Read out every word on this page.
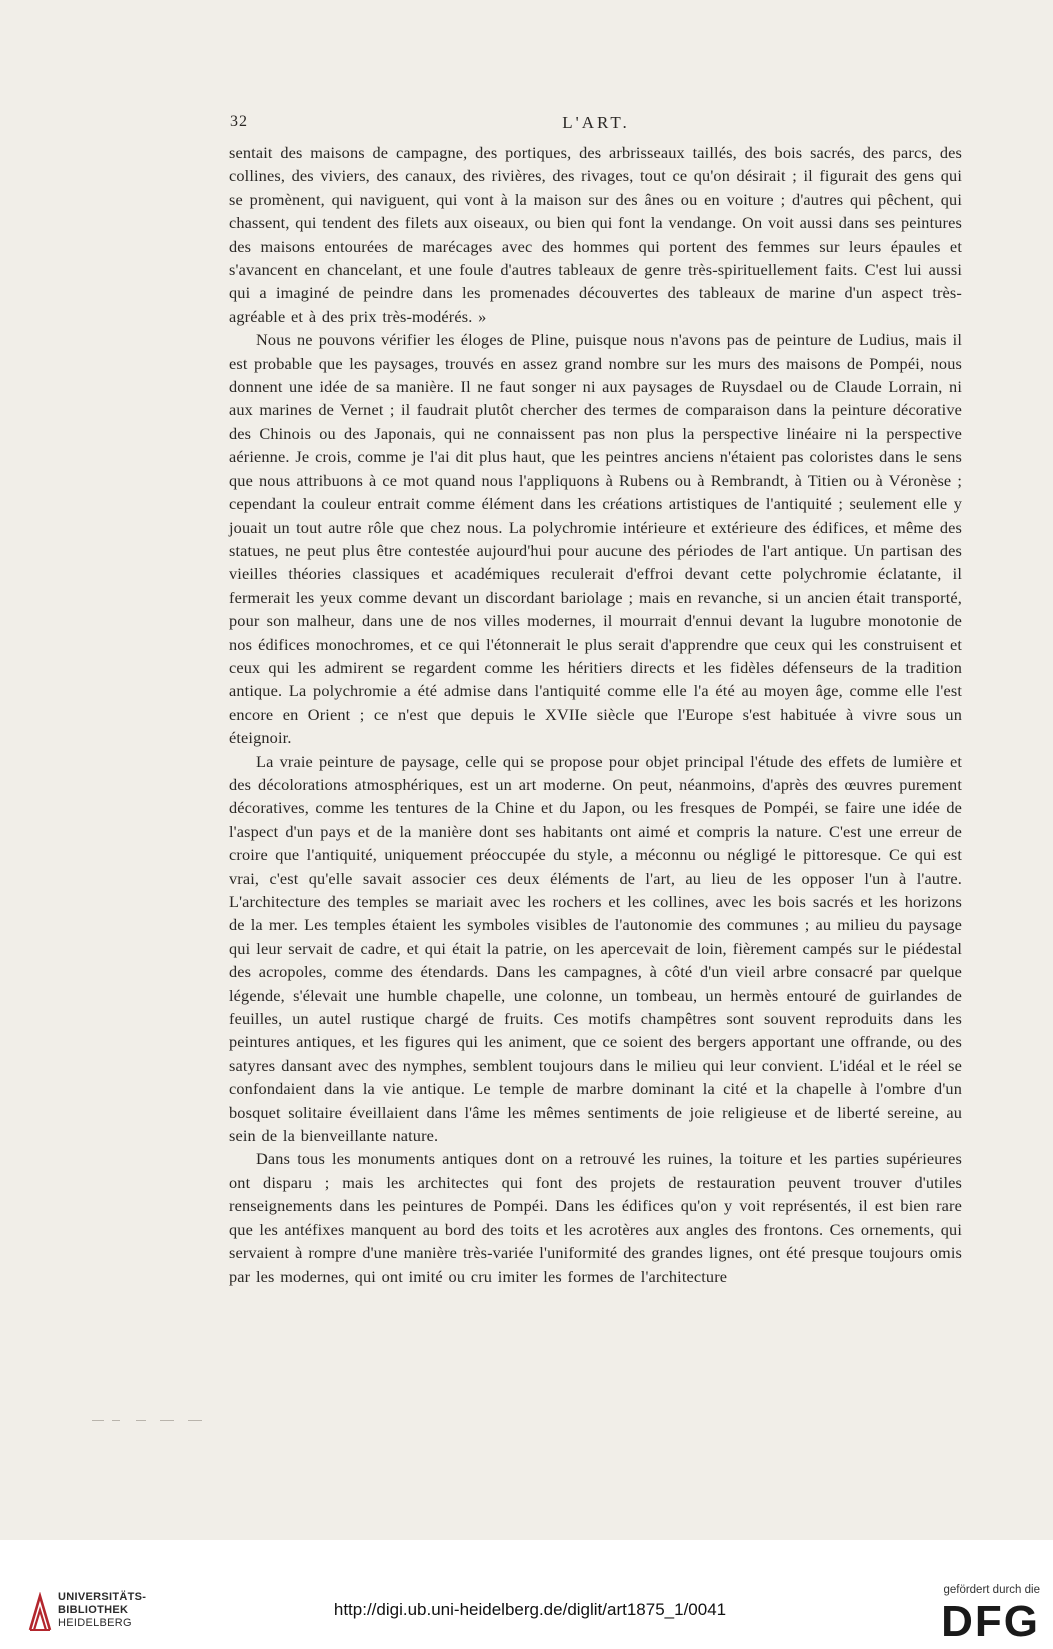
32	L'ART.

sentait des maisons de campagne, des portiques, des arbrisseaux taillés, des bois sacrés, des parcs, des collines, des viviers, des canaux, des rivières, des rivages, tout ce qu'on désirait ; il figurait des gens qui se promènent, qui naviguent, qui vont à la maison sur des ânes ou en voiture ; d'autres qui pêchent, qui chassent, qui tendent des filets aux oiseaux, ou bien qui font la vendange. On voit aussi dans ses peintures des maisons entourées de marécages avec des hommes qui portent des femmes sur leurs épaules et s'avancent en chancelant, et une foule d'autres tableaux de genre très-spirituellement faits. C'est lui aussi qui a imaginé de peindre dans les promenades découvertes des tableaux de marine d'un aspect très-agréable et à des prix très-modérés. »

Nous ne pouvons vérifier les éloges de Pline, puisque nous n'avons pas de peinture de Ludius, mais il est probable que les paysages, trouvés en assez grand nombre sur les murs des maisons de Pompéi, nous donnent une idée de sa manière. Il ne faut songer ni aux paysages de Ruysdael ou de Claude Lorrain, ni aux marines de Vernet ; il faudrait plutôt chercher des termes de comparaison dans la peinture décorative des Chinois ou des Japonais, qui ne connaissent pas non plus la perspective linéaire ni la perspective aérienne. Je crois, comme je l'ai dit plus haut, que les peintres anciens n'étaient pas coloristes dans le sens que nous attribuons à ce mot quand nous l'appliquons à Rubens ou à Rembrandt, à Titien ou à Véronèse ; cependant la couleur entrait comme élément dans les créations artistiques de l'antiquité ; seulement elle y jouait un tout autre rôle que chez nous. La polychromie intérieure et extérieure des édifices, et même des statues, ne peut plus être contestée aujourd'hui pour aucune des périodes de l'art antique. Un partisan des vieilles théories classiques et académiques reculerait d'effroi devant cette polychromie éclatante, il fermerait les yeux comme devant un discordant bariolage ; mais en revanche, si un ancien était transporté, pour son malheur, dans une de nos villes modernes, il mourrait d'ennui devant la lugubre monotonie de nos édifices monochromes, et ce qui l'étonnerait le plus serait d'apprendre que ceux qui les construisent et ceux qui les admirent se regardent comme les héritiers directs et les fidèles défenseurs de la tradition antique. La polychromie a été admise dans l'antiquité comme elle l'a été au moyen âge, comme elle l'est encore en Orient ; ce n'est que depuis le XVIIe siècle que l'Europe s'est habituée à vivre sous un éteignoir.

La vraie peinture de paysage, celle qui se propose pour objet principal l'étude des effets de lumière et des décolorations atmosphériques, est un art moderne. On peut, néanmoins, d'après des œuvres purement décoratives, comme les tentures de la Chine et du Japon, ou les fresques de Pompéi, se faire une idée de l'aspect d'un pays et de la manière dont ses habitants ont aimé et compris la nature. C'est une erreur de croire que l'antiquité, uniquement préoccupée du style, a méconnu ou négligé le pittoresque. Ce qui est vrai, c'est qu'elle savait associer ces deux éléments de l'art, au lieu de les opposer l'un à l'autre. L'architecture des temples se mariait avec les rochers et les collines, avec les bois sacrés et les horizons de la mer. Les temples étaient les symboles visibles de l'autonomie des communes ; au milieu du paysage qui leur servait de cadre, et qui était la patrie, on les apercevait de loin, fièrement campés sur le piédestal des acropoles, comme des étendards. Dans les campagnes, à côté d'un vieil arbre consacré par quelque légende, s'élevait une humble chapelle, une colonne, un tombeau, un hermès entouré de guirlandes de feuilles, un autel rustique chargé de fruits. Ces motifs champêtres sont souvent reproduits dans les peintures antiques, et les figures qui les animent, que ce soient des bergers apportant une offrande, ou des satyres dansant avec des nymphes, semblent toujours dans le milieu qui leur convient. L'idéal et le réel se confondaient dans la vie antique. Le temple de marbre dominant la cité et la chapelle à l'ombre d'un bosquet solitaire éveillaient dans l'âme les mêmes sentiments de joie religieuse et de liberté sereine, au sein de la bienveillante nature.

Dans tous les monuments antiques dont on a retrouvé les ruines, la toiture et les parties supérieures ont disparu ; mais les architectes qui font des projets de restauration peuvent trouver d'utiles renseignements dans les peintures de Pompéi. Dans les édifices qu'on y voit représentés, il est bien rare que les antéfixes manquent au bord des toits et les acrotères aux angles des frontons. Ces ornements, qui servaient à rompre d'une manière très-variée l'uniformité des grandes lignes, ont été presque toujours omis par les modernes, qui ont imité ou cru imiter les formes de l'architecture

UNIVERSITÄTS-
BIBLIOTHEK
HEIDELBERG
http://digi.ub.uni-heidelberg.de/diglit/art1875_1/0041
gefördert durch die
DFG
